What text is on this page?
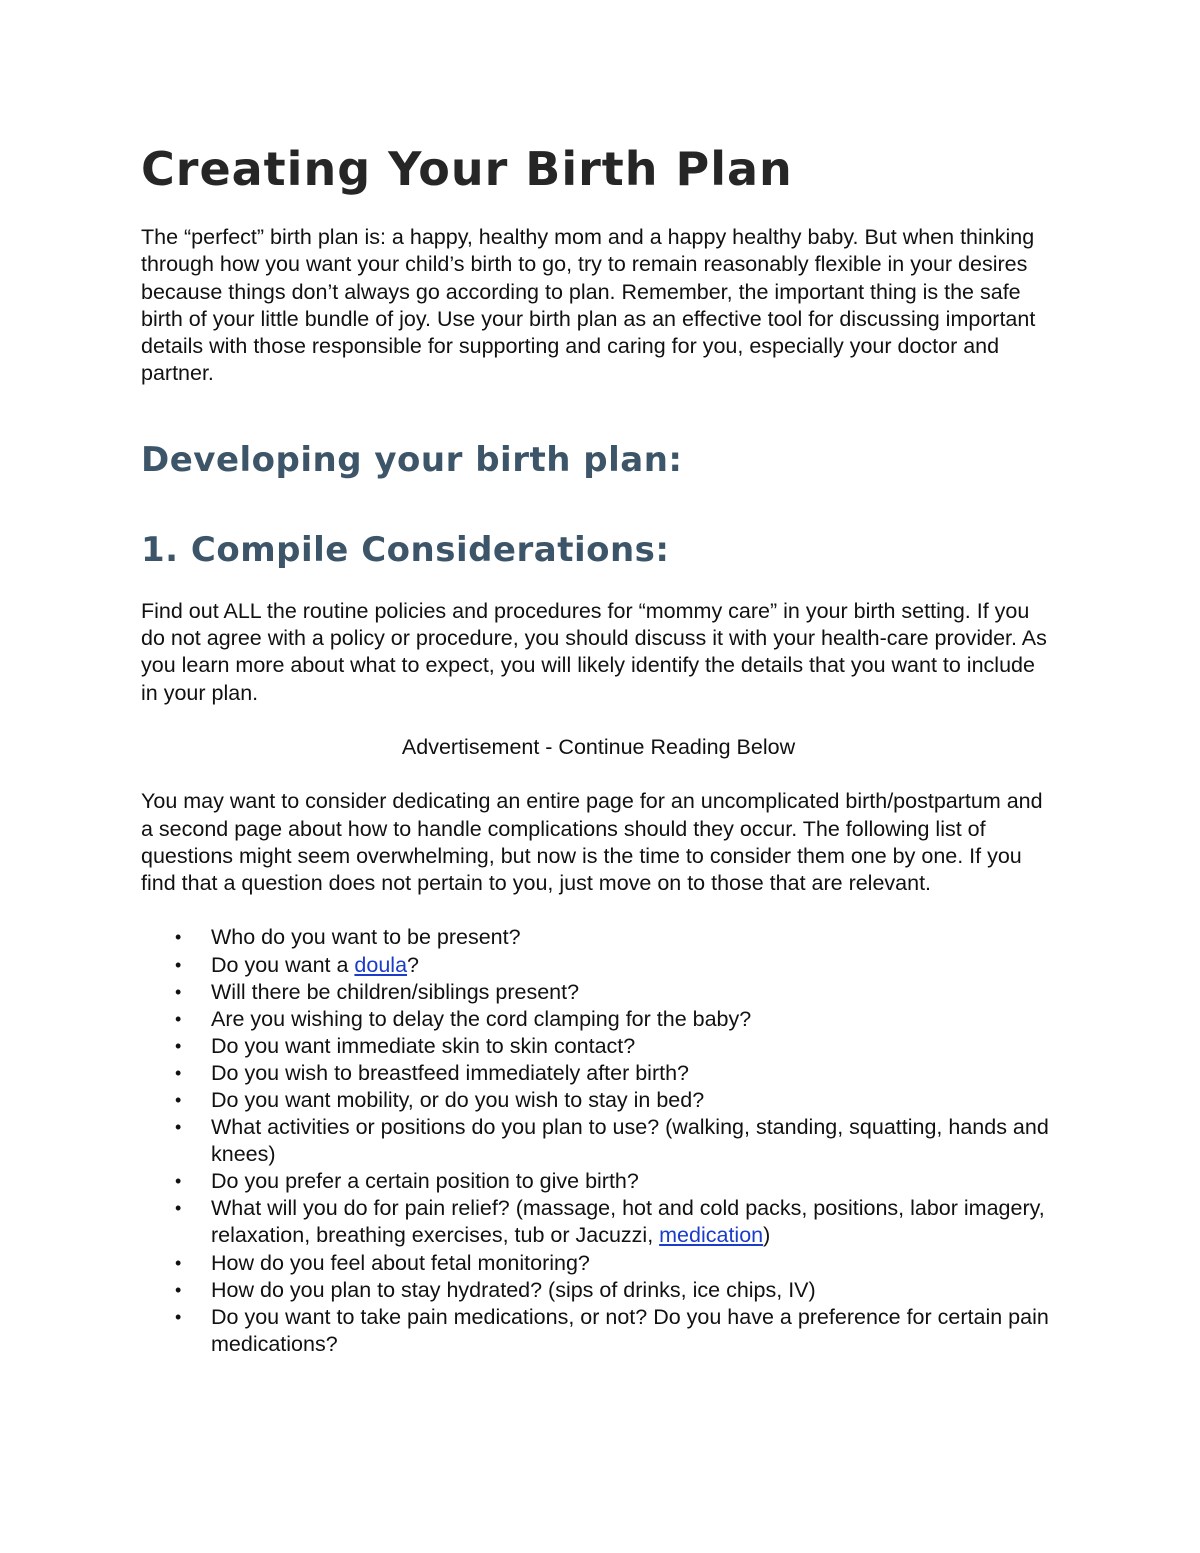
Creating Your Birth Plan

The “perfect” birth plan is: a happy, healthy mom and a happy healthy baby. But when thinking through how you want your child’s birth to go, try to remain reasonably flexible in your desires because things don’t always go according to plan. Remember, the important thing is the safe birth of your little bundle of joy. Use your birth plan as an effective tool for discussing important details with those responsible for supporting and caring for you, especially your doctor and partner.

Developing your birth plan:
1. Compile Considerations:

Find out ALL the routine policies and procedures for “mommy care” in your birth setting. If you do not agree with a policy or procedure, you should discuss it with your health-care provider. As you learn more about what to expect, you will likely identify the details that you want to include in your plan.

Advertisement - Continue Reading Below

You may want to consider dedicating an entire page for an uncomplicated birth/postpartum and a second page about how to handle complications should they occur. The following list of questions might seem overwhelming, but now is the time to consider them one by one. If you find that a question does not pertain to you, just move on to those that are relevant.

• Who do you want to be present?
• Do you want a doula?
• Will there be children/siblings present?
• Are you wishing to delay the cord clamping for the baby?
• Do you want immediate skin to skin contact?
• Do you wish to breastfeed immediately after birth?
• Do you want mobility, or do you wish to stay in bed?
• What activities or positions do you plan to use? (walking, standing, squatting, hands and knees)
• Do you prefer a certain position to give birth?
• What will you do for pain relief? (massage, hot and cold packs, positions, labor imagery, relaxation, breathing exercises, tub or Jacuzzi, medication)
• How do you feel about fetal monitoring?
• How do you plan to stay hydrated? (sips of drinks, ice chips, IV)
• Do you want to take pain medications, or not? Do you have a preference for certain pain medications?
